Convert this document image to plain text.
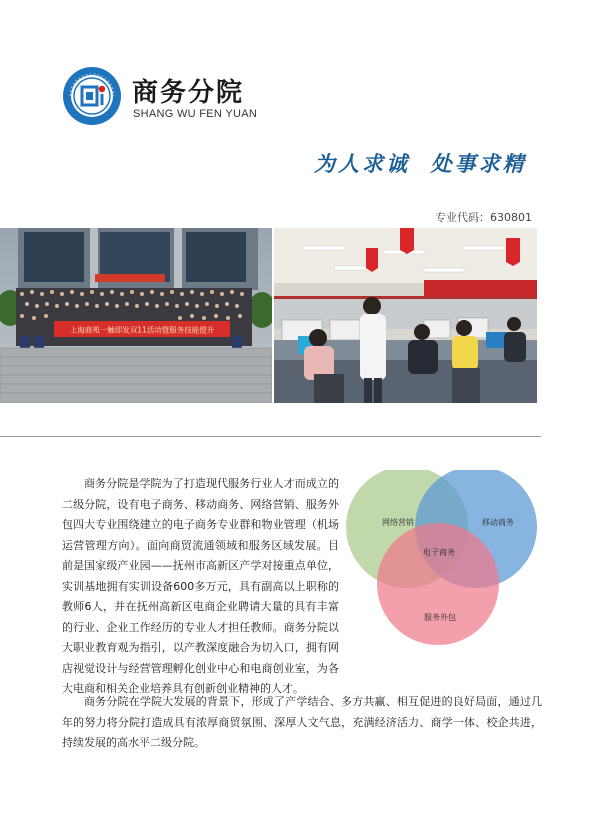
商务分院
SHANG WU FEN YUAN
为人求诚  处事求精
专业代码：630801
上海商苑一触即发双11活动暨服务技能提升

商务分院是学院为了打造现代服务行业人才而成立的二级分院，设有电子商务、移动商务、网络营销、服务外包四大专业围绕建立的电子商务专业群和物业管理（机场运营管理方向）。面向商贸流通领域和服务区域发展。目前是国家级产业园——抚州市高新区产学对接重点单位，实训基地拥有实训设备600多万元，具有副高以上职称的教师6人，并在抚州高新区电商企业聘请大量的具有丰富的行业、企业工作经历的专业人才担任教师。商务分院以大职业教育观为指引，以产教深度融合为切入口，拥有网店视觉设计与经营管理孵化创业中心和电商创业室，为各大电商和相关企业培养具有创新创业精神的人才。

网络营销	移动商务
电子商务
服务外包

商务分院在学院大发展的背景下，形成了产学结合、多方共赢、相互促进的良好局面，通过几年的努力将分院打造成具有浓厚商贸氛围、深厚人文气息，充满经济活力、商学一体、校企共进，持续发展的高水平二级分院。
